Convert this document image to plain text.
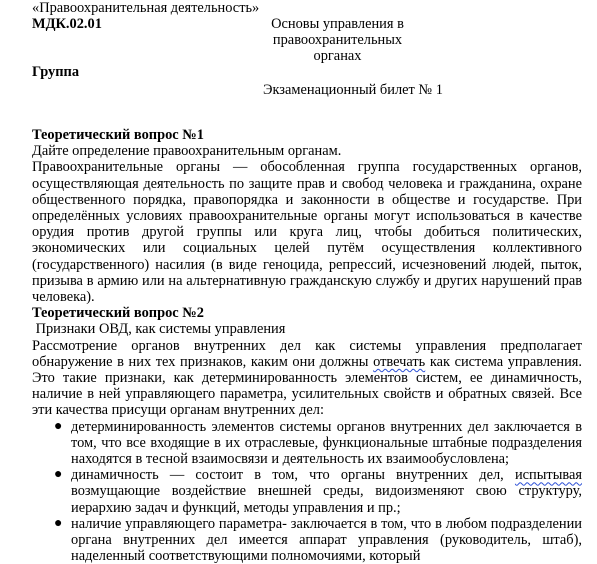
«Правоохранительная деятельность»
МДК.02.01	Основы управления в
правоохранительных
органах
Группа
Экзаменационный билет № 1

Теоретический вопрос №1

Дайте определение правоохранительным органам.

Правоохранительные органы — обособленная группа государственных органов, осуществляющая деятельность по защите прав и свобод человека и гражданина, охране общественного порядка, правопорядка и законности в обществе и государстве. При определённых условиях правоохранительные органы могут использоваться в качестве орудия против другой группы или круга лиц, чтобы добиться политических, экономических или социальных целей путём осуществления коллективного (государственного) насилия (в виде геноцида, репрессий, исчезновений людей, пыток, призыва в армию или на альтернативную гражданскую службу и других нарушений прав человека).

Теоретический вопрос №2

Признаки ОВД, как системы управления

Рассмотрение органов внутренних дел как системы управления предполагает обнаружение в них тех признаков, каким они должны отвечать как система управления. Это такие признаки, как детерминированность элементов систем, ее динамичность, наличие в ней управляющего параметра, усилительных свойств и обратных связей. Все эти качества присущи органам внутренних дел:

● детерминированность элементов системы органов внутренних дел заключается в том, что все входящие в их отраслевые, функциональные штабные подразделения находятся в тесной взаимосвязи и деятельность их взаимообусловлена;
● динамичность — состоит в том, что органы внутренних дел, испытывая возмущающие воздействие внешней среды, видоизменяют свою структуру, иерархию задач и функций, методы управления и пр.;
● наличие управляющего параметра- заключается в том, что в любом подразделении органа внутренних дел имеется аппарат управления (руководитель, штаб), наделенный соответствующими полномочиями, который
